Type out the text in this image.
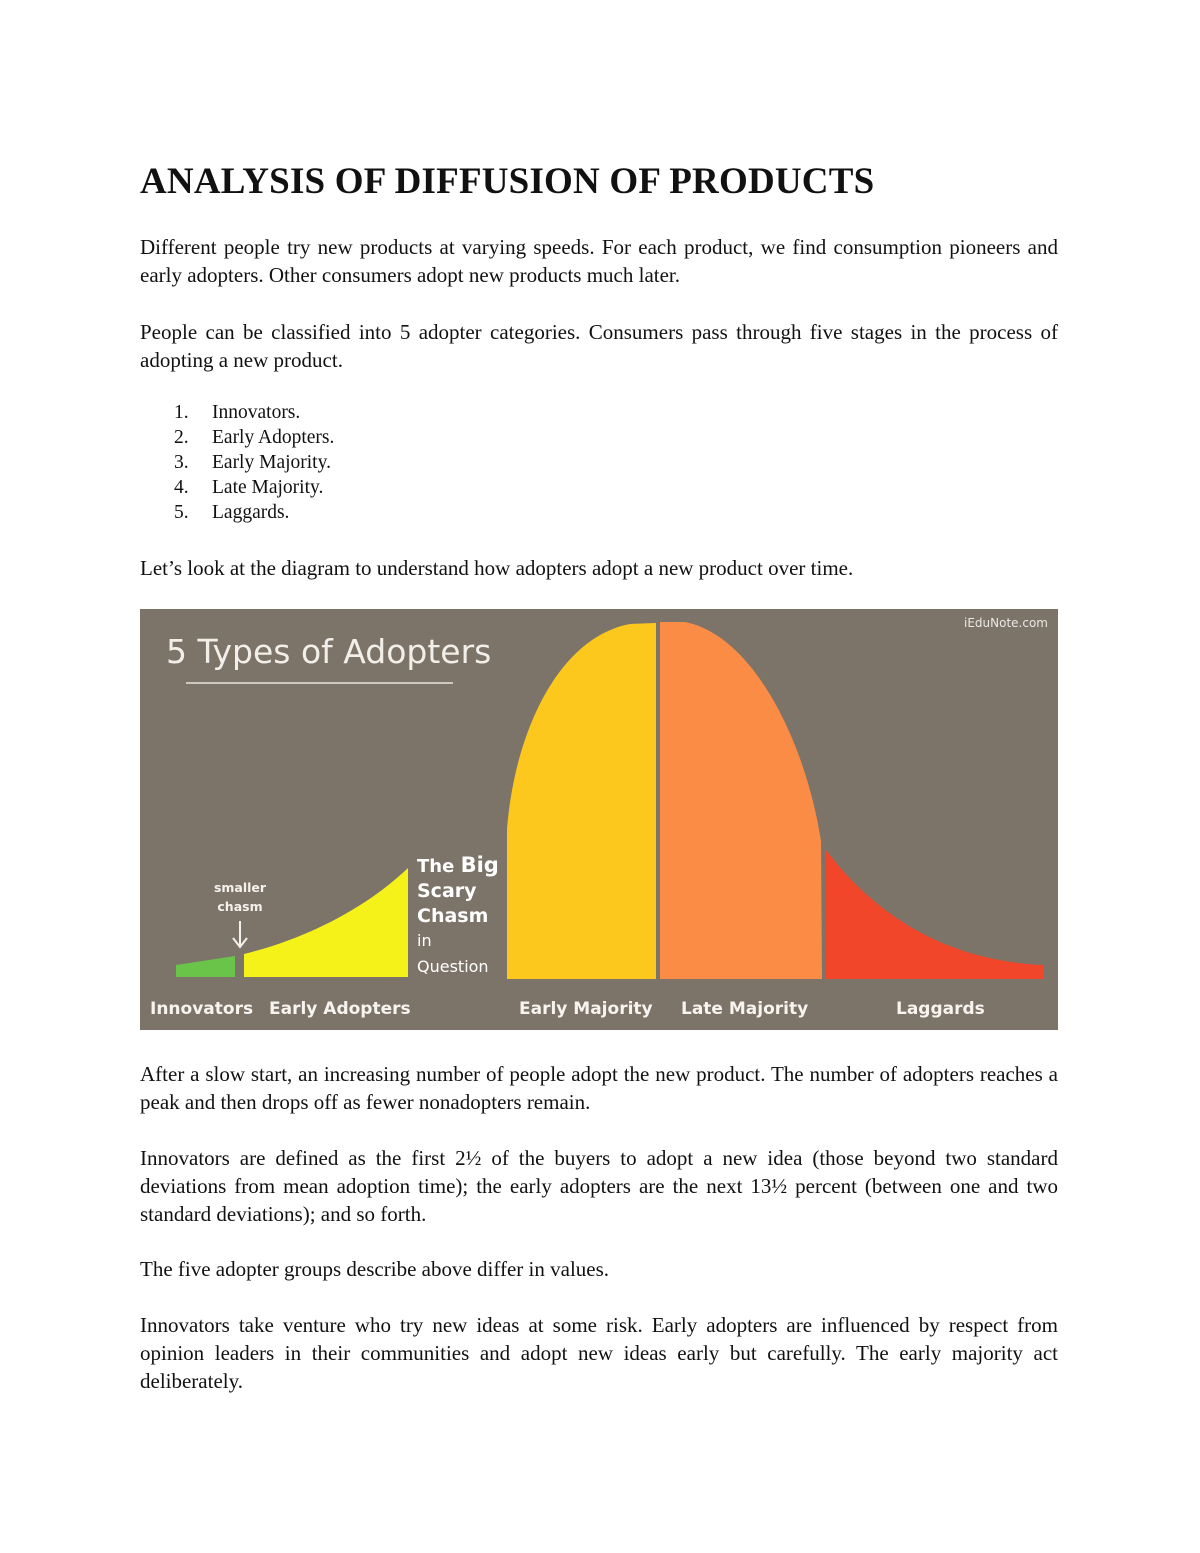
ANALYSIS OF DIFFUSION OF PRODUCTS

Different people try new products at varying speeds. For each product, we find consumption pioneers and early adopters. Other consumers adopt new products much later.

People can be classified into 5 adopter categories. Consumers pass through five stages in the process of adopting a new product.

1. Innovators.
2. Early Adopters.
3. Early Majority.
4. Late Majority.
5. Laggards.

Let’s look at the diagram to understand how adopters adopt a new product over time.

5 Types of Adopters
iEduNote.com
smaller
chasm
The Big
Scary
Chasm
in
Question
Innovators Early Adopters	Early Majority Late Majority	Laggards

After a slow start, an increasing number of people adopt the new product. The number of adopters reaches a peak and then drops off as fewer nonadopters remain.

Innovators are defined as the first 2½ of the buyers to adopt a new idea (those beyond two standard deviations from mean adoption time); the early adopters are the next 13½ percent (between one and two standard deviations); and so forth.

The five adopter groups describe above differ in values.

Innovators take venture who try new ideas at some risk. Early adopters are influenced by respect from opinion leaders in their communities and adopt new ideas early but carefully. The early majority act deliberately.
